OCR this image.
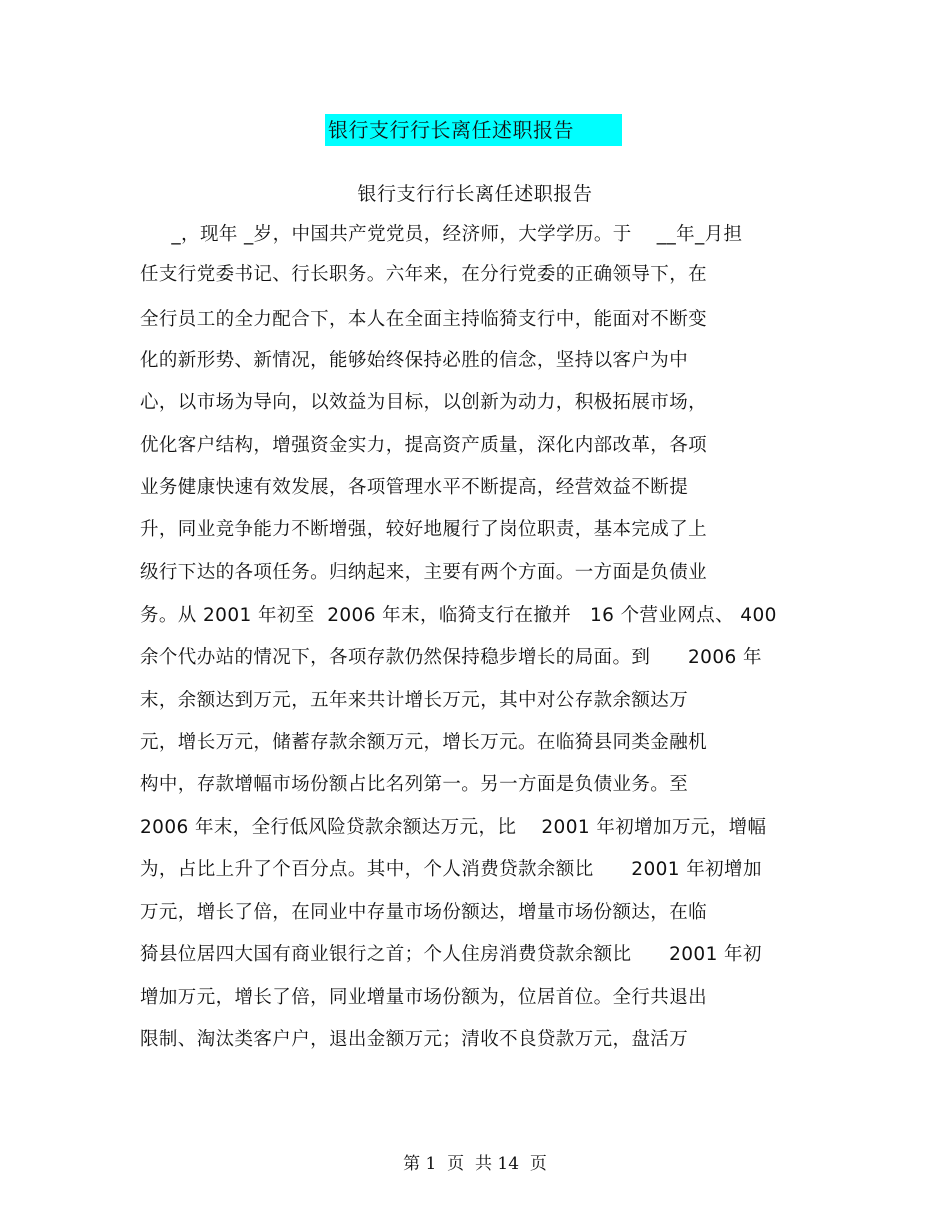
银行支行行长离任述职报告
银行支行行长离任述职报告
_，现年 _岁，中国共产党党员，经济师，大学学历。于    __年_月担
任支行党委书记、行长职务。六年来，在分行党委的正确领导下，在
全行员工的全力配合下，本人在全面主持临猗支行中，能面对不断变
化的新形势、新情况，能够始终保持必胜的信念，坚持以客户为中
心，以市场为导向，以效益为目标，以创新为动力，积极拓展市场，
优化客户结构，增强资金实力，提高资产质量，深化内部改革，各项
业务健康快速有效发展，各项管理水平不断提高，经营效益不断提
升，同业竞争能力不断增强，较好地履行了岗位职责，基本完成了上
级行下达的各项任务。归纳起来，主要有两个方面。一方面是负债业
务。从 2001 年初至  2006 年末，临猗支行在撤并   16 个营业网点、 400
余个代办站的情况下，各项存款仍然保持稳步增长的局面。到      2006 年
末，余额达到万元，五年来共计增长万元，其中对公存款余额达万
元，增长万元，储蓄存款余额万元，增长万元。在临猗县同类金融机
构中，存款增幅市场份额占比名列第一。另一方面是负债业务。至
2006 年末，全行低风险贷款余额达万元，比    2001 年初增加万元，增幅
为，占比上升了个百分点。其中，个人消费贷款余额比      2001 年初增加
万元，增长了倍，在同业中存量市场份额达，增量市场份额达，在临
猗县位居四大国有商业银行之首；个人住房消费贷款余额比      2001 年初
增加万元，增长了倍，同业增量市场份额为，位居首位。全行共退出
限制、淘汰类客户户，退出金额万元；清收不良贷款万元，盘活万
第 1  页  共 14  页
